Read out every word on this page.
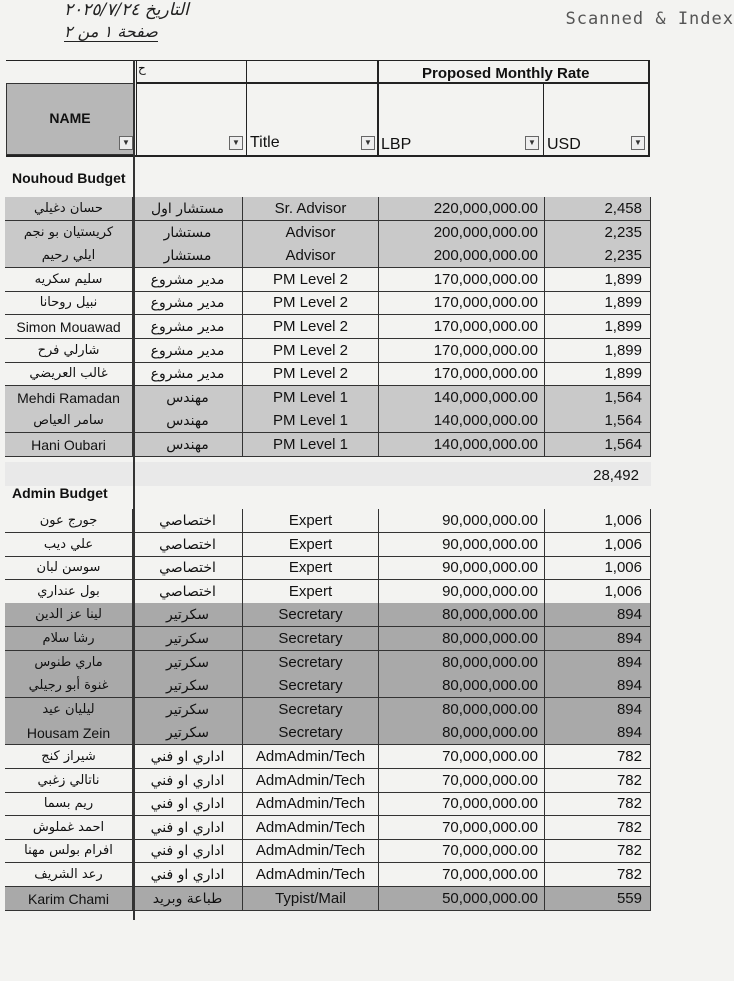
التاريخ ٢٠٢٥/٧/٢٤
صفحة ١ من ٢
Scanned & Index
ح	Proposed Monthly Rate
NAME
▼	▼ Title	▼ LBP	▼ USD	▼
Nouhoud Budget
حسان دغيلي	مستشار اول	Sr. Advisor	220,000,000.00	2,458
كريستيان بو نجم	مستشار	Advisor	200,000,000.00	2,235
ايلي رحيم	مستشار	Advisor	200,000,000.00	2,235
سليم سكريه	مدير مشروع	PM Level 2	170,000,000.00	1,899
نبيل روحانا	مدير مشروع	PM Level 2	170,000,000.00	1,899
Simon Mouawad	مدير مشروع	PM Level 2	170,000,000.00	1,899
شارلي فرح	مدير مشروع	PM Level 2	170,000,000.00	1,899
غالب العريضي	مدير مشروع	PM Level 2	170,000,000.00	1,899
Mehdi Ramadan	مهندس	PM Level 1	140,000,000.00	1,564
سامر العياص	مهندس	PM Level 1	140,000,000.00	1,564
Hani Oubari	مهندس	PM Level 1	140,000,000.00	1,564
28,492
Admin Budget
جورج عون	اختصاصي	Expert	90,000,000.00	1,006
علي ديب	اختصاصي	Expert	90,000,000.00	1,006
سوسن لبان	اختصاصي	Expert	90,000,000.00	1,006
بول عنداري	اختصاصي	Expert	90,000,000.00	1,006
لينا عز الدين	سكرتير	Secretary	80,000,000.00	894
رشا سلام	سكرتير	Secretary	80,000,000.00	894
ماري طنوس	سكرتير	Secretary	80,000,000.00	894
غنوة أبو رجيلي	سكرتير	Secretary	80,000,000.00	894
ليليان عيد	سكرتير	Secretary	80,000,000.00	894
Housam Zein	سكرتير	Secretary	80,000,000.00	894
شيراز كنج	اداري او فني	AdmAdmin/Tech	70,000,000.00	782
ناتالي زغبي	اداري او فني	AdmAdmin/Tech	70,000,000.00	782
ريم بسما	اداري او فني	AdmAdmin/Tech	70,000,000.00	782
احمد غملوش	اداري او فني	AdmAdmin/Tech	70,000,000.00	782
افرام بولس مهنا	اداري او فني	AdmAdmin/Tech	70,000,000.00	782
رعد الشريف	اداري او فني	AdmAdmin/Tech	70,000,000.00	782
Karim Chami	طباعة وبريد	Typist/Mail	50,000,000.00	559
